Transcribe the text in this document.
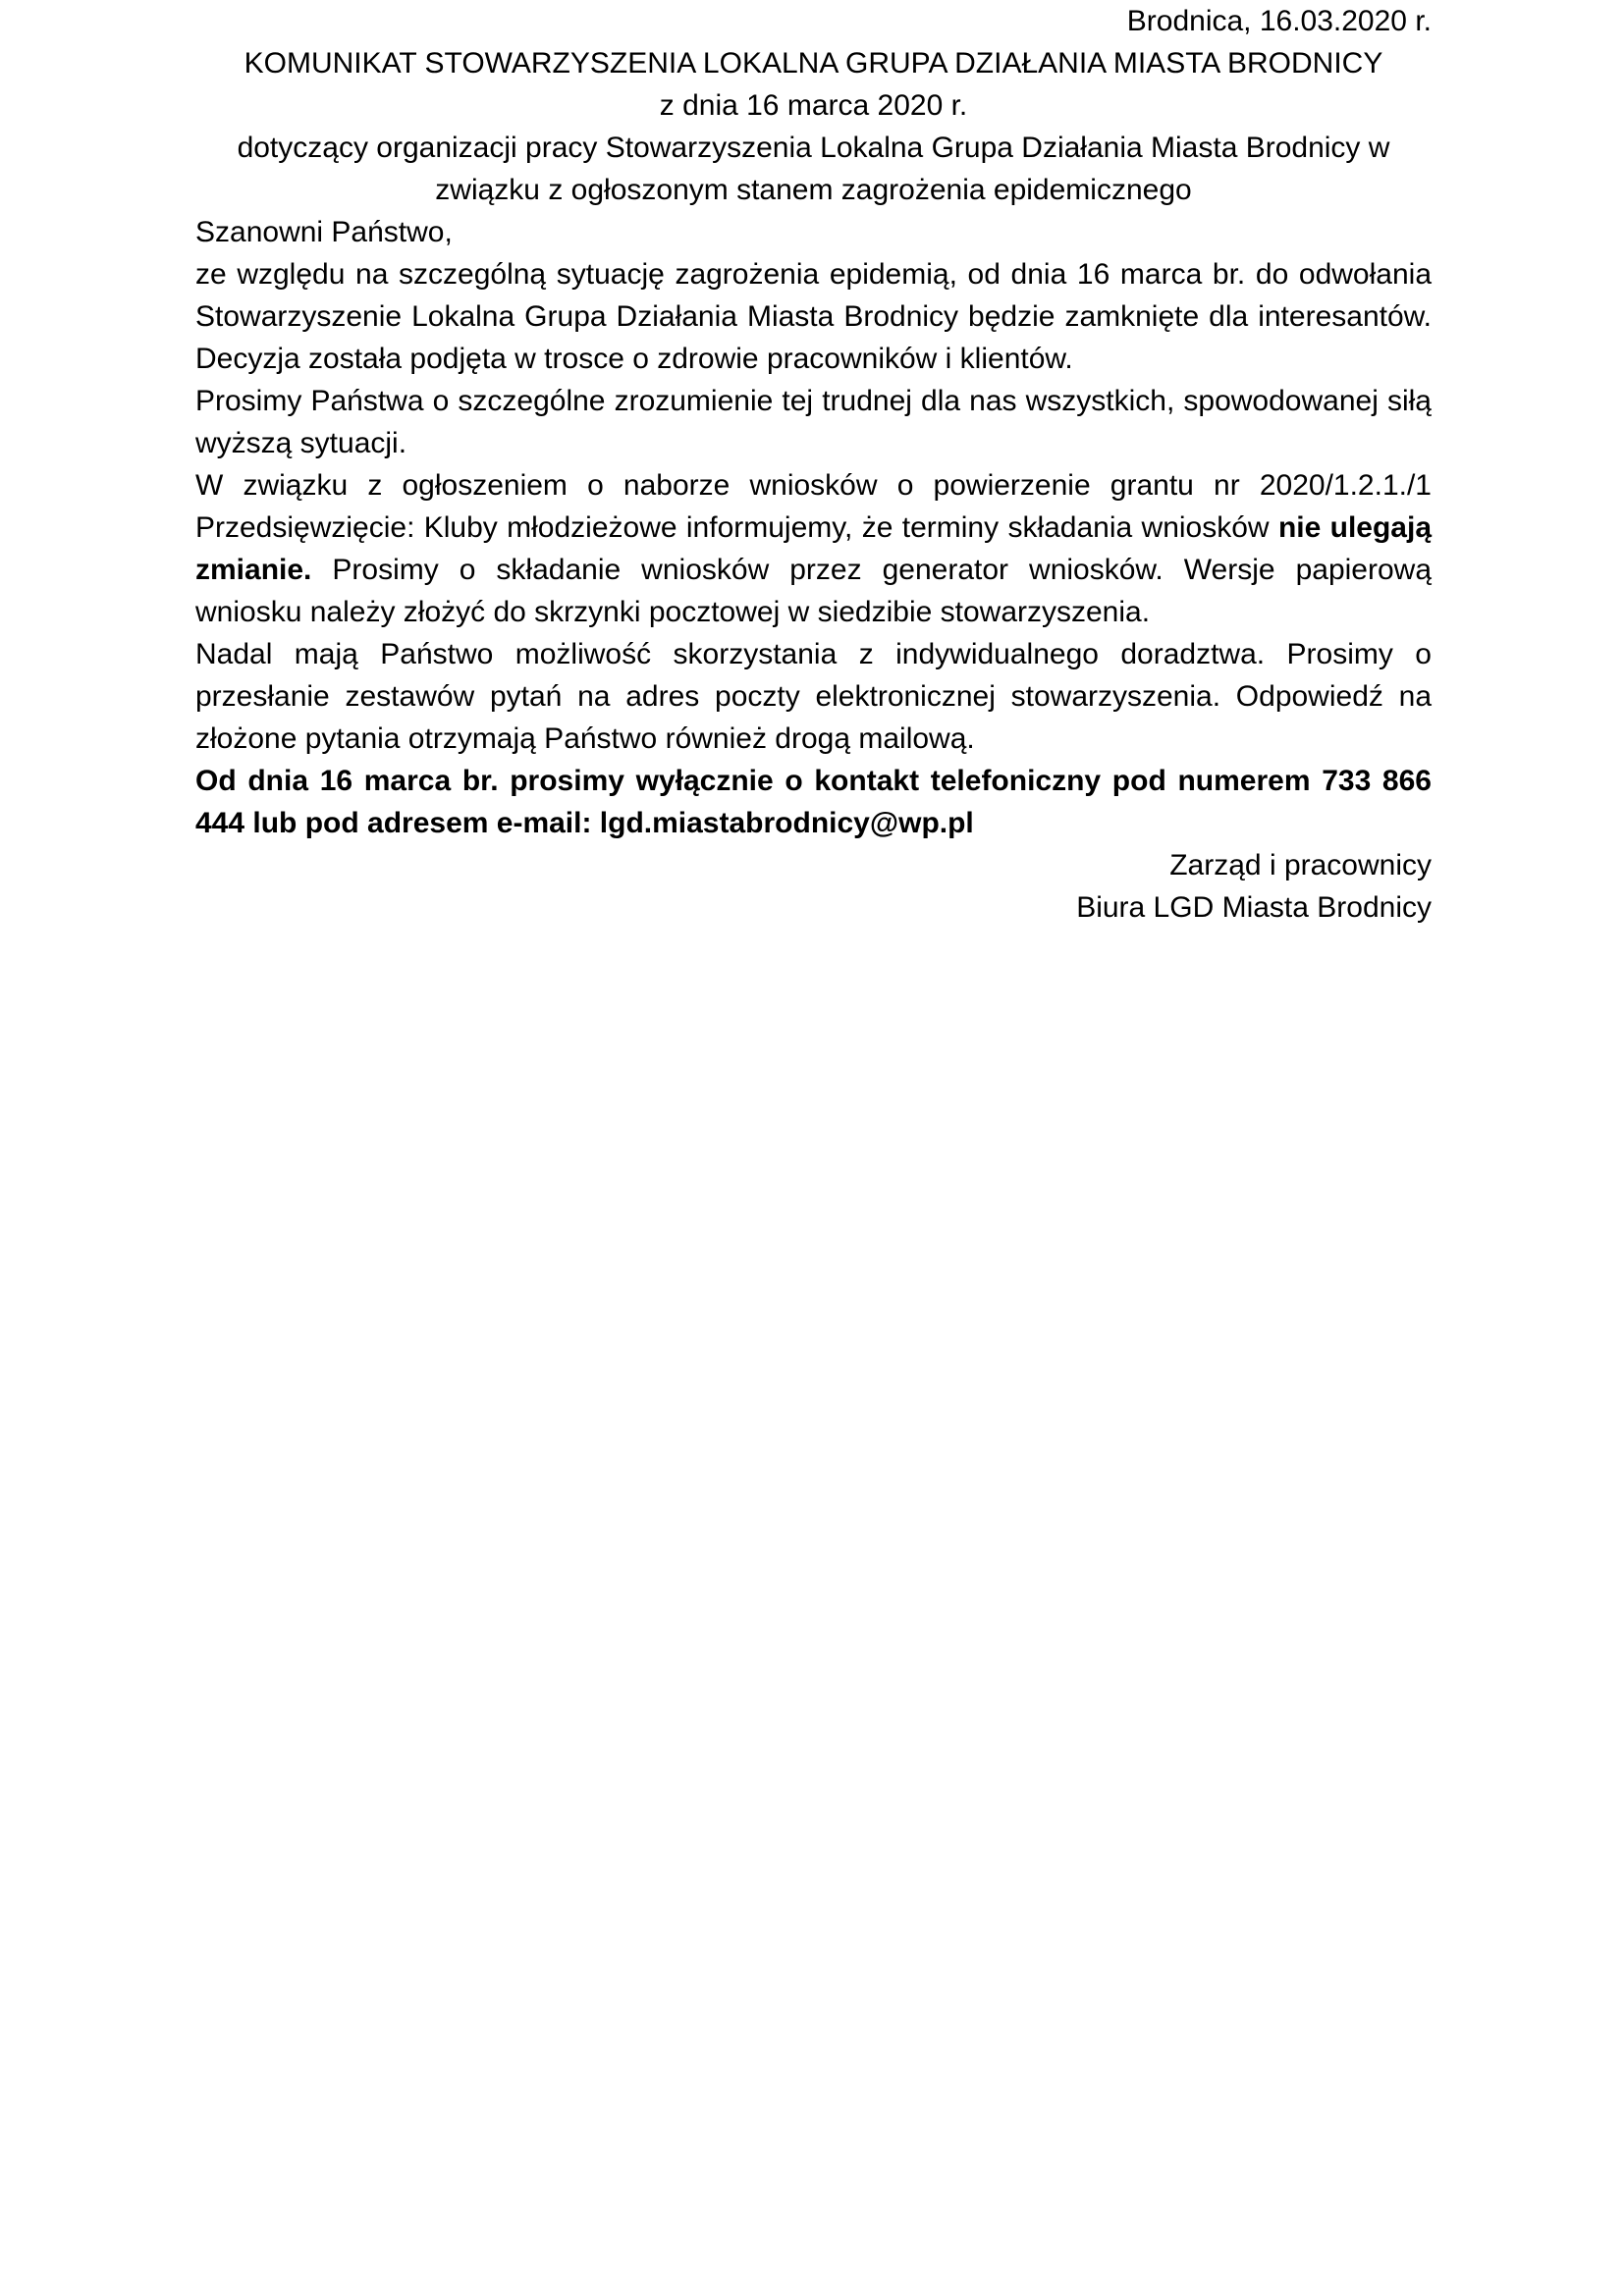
Brodnica, 16.03.2020 r.

KOMUNIKAT STOWARZYSZENIA LOKALNA GRUPA DZIAŁANIA MIASTA BRODNICY

z dnia 16 marca 2020 r.

dotyczący organizacji pracy Stowarzyszenia Lokalna Grupa Działania Miasta Brodnicy w związku z ogłoszonym stanem zagrożenia epidemicznego

Szanowni Państwo,

ze względu na szczególną sytuację zagrożenia epidemią, od dnia 16 marca br. do odwołania Stowarzyszenie Lokalna Grupa Działania Miasta Brodnicy będzie zamknięte dla interesantów. Decyzja została podjęta w trosce o zdrowie pracowników i klientów.

Prosimy Państwa o szczególne zrozumienie tej trudnej dla nas wszystkich, spowodowanej siłą wyższą sytuacji.

W związku z ogłoszeniem o naborze wniosków o powierzenie grantu nr 2020/1.2.1./1 Przedsięwzięcie: Kluby młodzieżowe informujemy, że terminy składania wniosków nie ulegają zmianie. Prosimy o składanie wniosków przez generator wniosków. Wersje papierową wniosku należy złożyć do skrzynki pocztowej w siedzibie stowarzyszenia.

Nadal mają Państwo możliwość skorzystania z indywidualnego doradztwa. Prosimy o przesłanie zestawów pytań na adres poczty elektronicznej stowarzyszenia. Odpowiedź na złożone pytania otrzymają Państwo również drogą mailową.

Od dnia 16 marca br. prosimy wyłącznie o kontakt telefoniczny pod numerem 733 866 444 lub pod adresem e-mail: lgd.miastabrodnicy@wp.pl

Zarząd i pracownicy

Biura LGD Miasta Brodnicy
